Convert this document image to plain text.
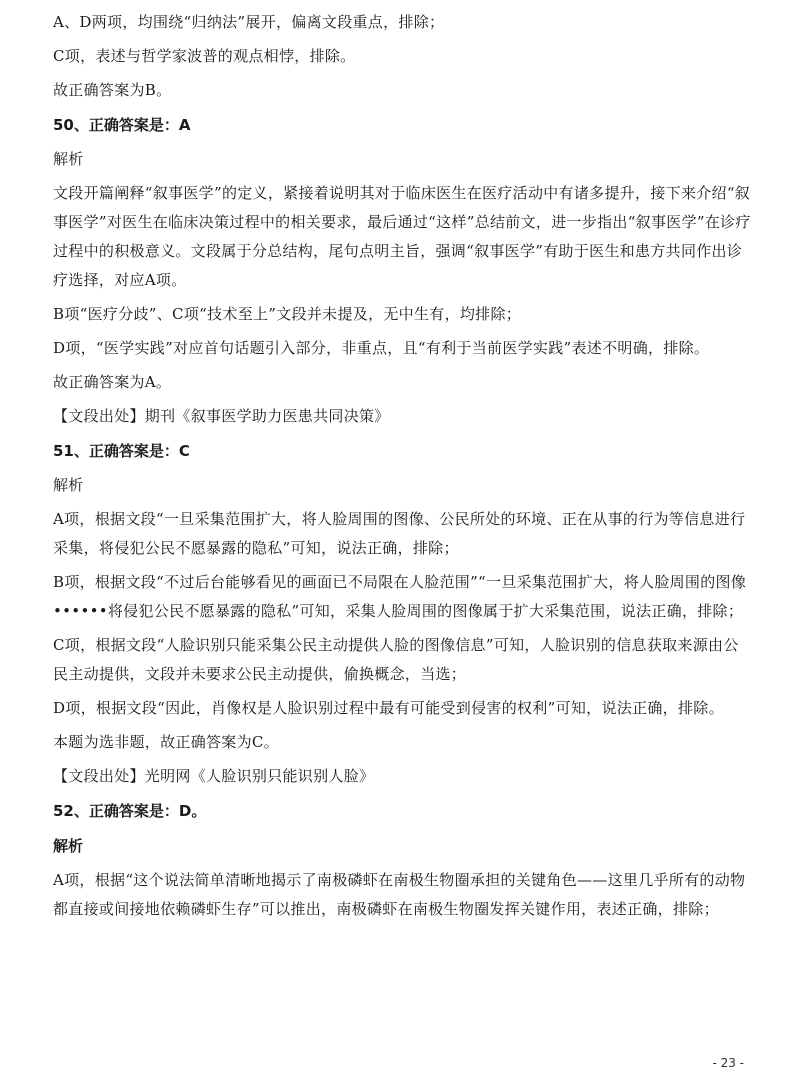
A、D两项，均围绕“归纳法”展开，偏离文段重点，排除；

C项，表述与哲学家波普的观点相悖，排除。

故正确答案为B。

50、正确答案是：A

解析

文段开篇阐释“叙事医学”的定义，紧接着说明其对于临床医生在医疗活动中有诸多提升，接下来介绍“叙事医学”对医生在临床决策过程中的相关要求，最后通过“这样”总结前文，进一步指出“叙事医学”在诊疗过程中的积极意义。文段属于分总结构，尾句点明主旨，强调“叙事医学”有助于医生和患方共同作出诊疗选择，对应A项。

B项“医疗分歧”、C项“技术至上”文段并未提及，无中生有，均排除；

D项，“医学实践”对应首句话题引入部分，非重点，且“有利于当前医学实践”表述不明确，排除。

故正确答案为A。

【文段出处】期刊《叙事医学助力医患共同决策》

51、正确答案是：C

解析

A项，根据文段“一旦采集范围扩大，将人脸周围的图像、公民所处的环境、正在从事的行为等信息进行采集，将侵犯公民不愿暴露的隐私”可知，说法正确，排除；

B项，根据文段“不过后台能够看见的画面已不局限在人脸范围”“一旦采集范围扩大，将人脸周围的图像••••••将侵犯公民不愿暴露的隐私”可知，采集人脸周围的图像属于扩大采集范围，说法正确，排除；

C项，根据文段“人脸识别只能采集公民主动提供人脸的图像信息”可知，人脸识别的信息获取来源由公民主动提供，文段并未要求公民主动提供，偷换概念，当选；

D项，根据文段“因此，肖像权是人脸识别过程中最有可能受到侵害的权利”可知，说法正确，排除。

本题为选非题，故正确答案为C。

【文段出处】光明网《人脸识别只能识别人脸》

52、正确答案是：D。

解析

A项，根据“这个说法简单清晰地揭示了南极磷虾在南极生物圈承担的关键角色——这里几乎所有的动物都直接或间接地依赖磷虾生存”可以推出，南极磷虾在南极生物圈发挥关键作用，表述正确，排除；

- 23 -
